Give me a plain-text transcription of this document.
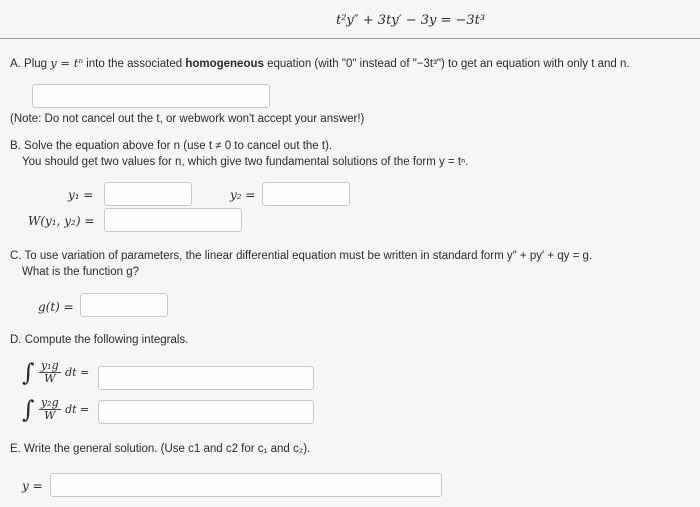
t²y″ + 3ty′ − 3y = −3t³
A. Plug y = tⁿ into the associated homogeneous equation (with "0" instead of "−3t³") to get an equation with only t and n.
(Note: Do not cancel out the t, or webwork won't accept your answer!)
B. Solve the equation above for n (use t ≠ 0 to cancel out the t).
You should get two values for n, which give two fundamental solutions of the form y = tⁿ.
y₁ =	y₂ =
W(y₁, y₂) =
C. To use variation of parameters, the linear differential equation must be written in standard form y″ + py′ + qy = g.
What is the function g?
g(t) =
D. Compute the following integrals.
∫ $\frac{\text{y₁g}}{W}$ dt =
∫ $\frac{\text{y₂g}}{W}$ dt =
E. Write the general solution. (Use c1 and c2 for c₁ and c₂).
y =
